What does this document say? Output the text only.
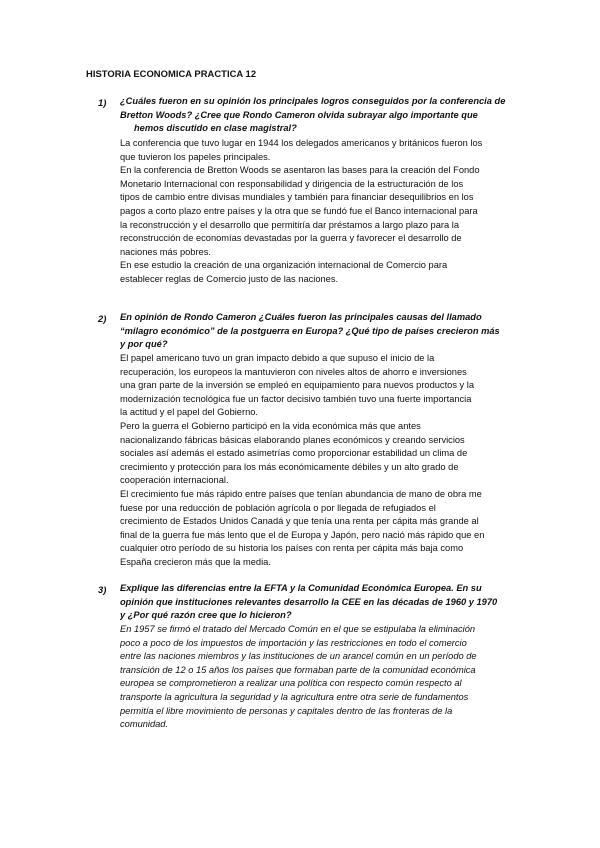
HISTORIA ECONOMICA PRACTICA 12
1) ¿Cuáles fueron en su opinión los principales logros conseguidos por la conferencia de
Bretton Woods? ¿Cree que Rondo Cameron olvida subrayar algo importante que
hemos discutido en clase magistral?
La conferencia que tuvo lugar en 1944 los delegados americanos y británicos fueron los
que tuvieron los papeles principales.
En la conferencia de Bretton Woods se asentaron las bases para la creación del Fondo
Monetario Internacional con responsabilidad y dirigencia de la estructuración de los
tipos de cambio entre divisas mundiales y también para financiar desequilibrios en los
pagos a corto plazo entre países y la otra que se fundó fue el Banco internacional para
la reconstrucción y el desarrollo que permitiría dar préstamos a largo plazo para la
reconstrucción de economías devastadas por la guerra y favorecer el desarrollo de
naciones más pobres.
En ese estudio la creación de una organización internacional de Comercio para
establecer reglas de Comercio justo de las naciones.
2) En opinión de Rondo Cameron ¿Cuáles fueron las principales causas del llamado
“milagro económico” de la postguerra en Europa? ¿Qué tipo de países crecieron más
y por qué?
El papel americano tuvo un gran impacto debido a que supuso el inicio de la
recuperación, los europeos la mantuvieron con niveles altos de ahorro e inversiones
una gran parte de la inversión se empleó en equipamiento para nuevos productos y la
modernización tecnológica fue un factor decisivo también tuvo una fuerte importancia
la actitud y el papel del Gobierno.
Pero la guerra el Gobierno participó en la vida económica más que antes
nacionalizando fábricas básicas elaborando planes económicos y creando servicios
sociales así además el estado asimetrías como proporcionar estabilidad un clima de
crecimiento y protección para los más económicamente débiles y un alto grado de
cooperación internacional.
El crecimiento fue más rápido entre países que tenían abundancia de mano de obra me
fuese por una reducción de población agrícola o por llegada de refugiados el
crecimiento de Estados Unidos Canadá y que tenía una renta per cápita más grande al
final de la guerra fue más lento que el de Europa y Japón, pero nació más rápido que en
cualquier otro período de su historia los países con renta per cápita más baja como
España crecieron más que la media.
3) Explique las diferencias entre la EFTA y la Comunidad Económica Europea. En su
opinión que instituciones relevantes desarrollo la CEE en las décadas de 1960 y 1970
y ¿Por qué razón cree que lo hicieron?
En 1957 se firmó el tratado del Mercado Común en el que se estipulaba la eliminación
poco a poco de los impuestos de importación y las restricciones en todo el comercio
entre las naciones miembros y las instituciones de un arancel común en un período de
transición de 12 o 15 años los países que formaban parte de la comunidad económica
europea se comprometieron a realizar una política con respecto común respecto al
transporte la agricultura la seguridad y la agricultura entre otra serie de fundamentos
permitía el libre movimiento de personas y capitales dentro de las fronteras de la
comunidad.
